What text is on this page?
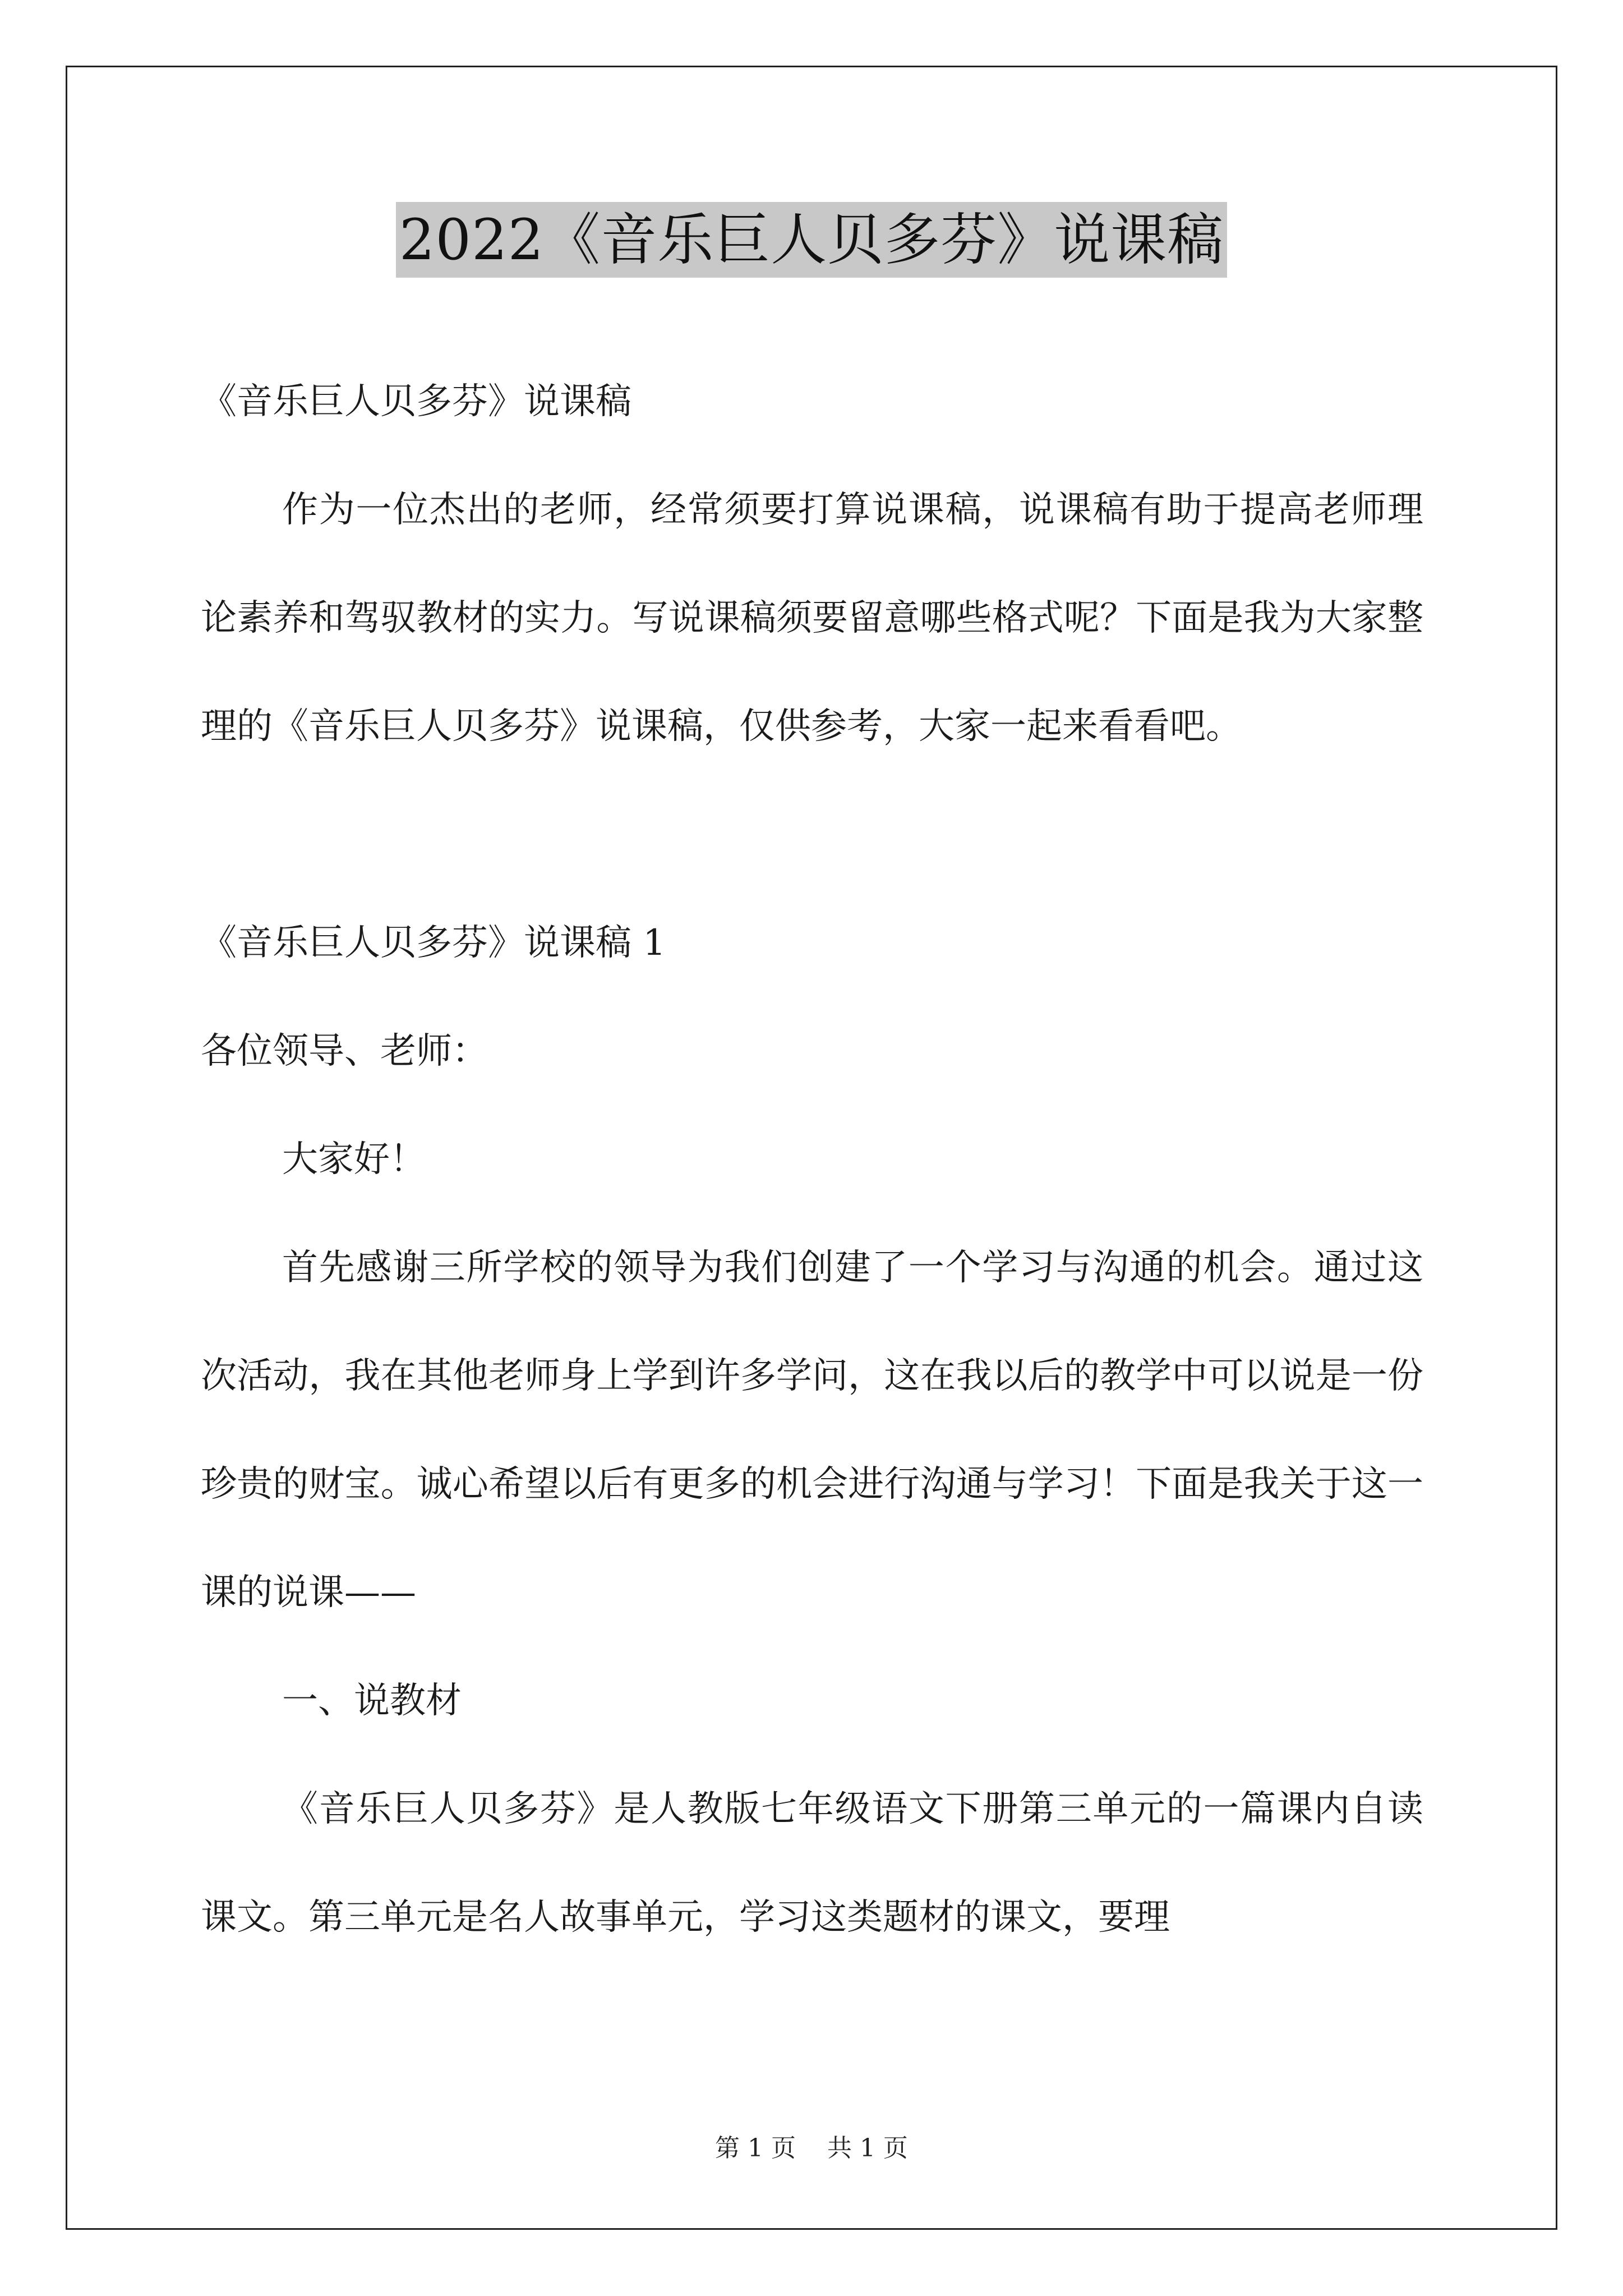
2022《音乐巨人贝多芬》说课稿

《音乐巨人贝多芬》说课稿

作为一位杰出的老师，经常须要打算说课稿，说课稿有助于提高老师理论素养和驾驭教材的实力。写说课稿须要留意哪些格式呢？下面是我为大家整理的《音乐巨人贝多芬》说课稿，仅供参考，大家一起来看看吧。

《音乐巨人贝多芬》说课稿 1

各位领导、老师：

大家好！

首先感谢三所学校的领导为我们创建了一个学习与沟通的机会。通过这次活动，我在其他老师身上学到许多学问，这在我以后的教学中可以说是一份珍贵的财宝。诚心希望以后有更多的机会进行沟通与学习！下面是我关于这一课的说课——

一、说教材

《音乐巨人贝多芬》是人教版七年级语文下册第三单元的一篇课内自读课文。第三单元是名人故事单元，学习这类题材的课文，要理

第 1 页    共 1 页
